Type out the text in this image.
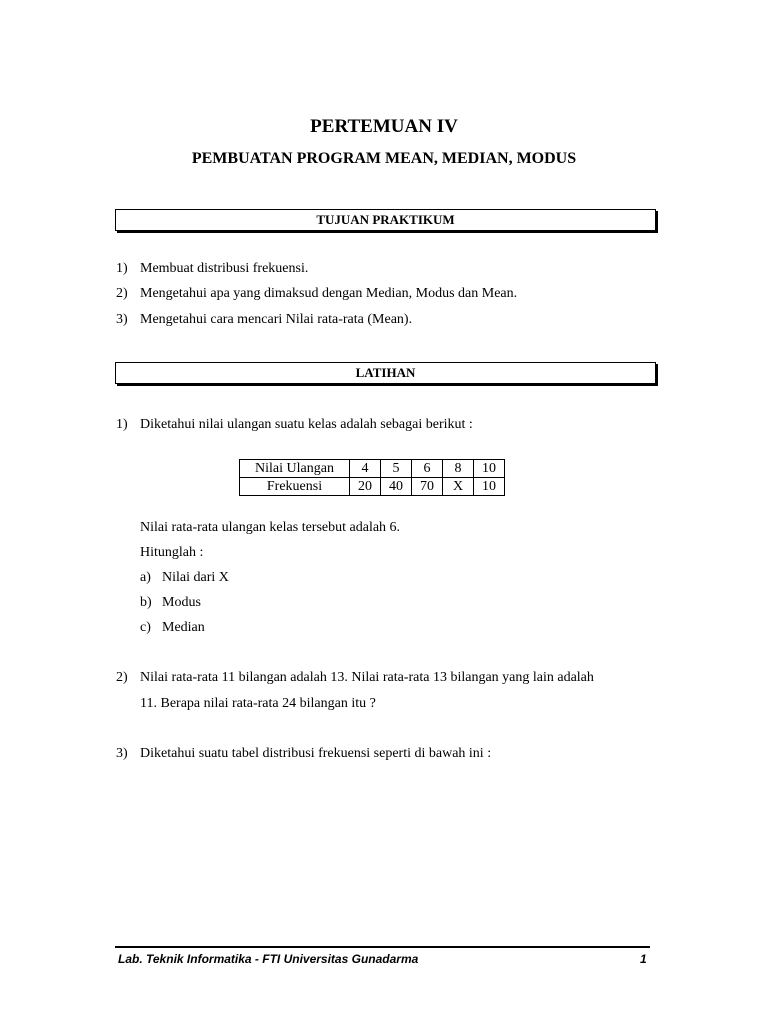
PERTEMUAN IV
PEMBUATAN PROGRAM MEAN, MEDIAN, MODUS
TUJUAN PRAKTIKUM
1) Membuat distribusi frekuensi.
2) Mengetahui apa yang dimaksud dengan Median, Modus dan Mean.
3) Mengetahui cara mencari Nilai rata-rata (Mean).
LATIHAN
1) Diketahui nilai ulangan suatu kelas adalah sebagai berikut :
Nilai Ulangan	4	5	6	8	10
Frekuensi	20	40	70	X	10
Nilai rata-rata ulangan kelas tersebut adalah 6.
Hitunglah :
a) Nilai dari X
b) Modus
c) Median
2) Nilai rata-rata 11 bilangan adalah 13. Nilai rata-rata 13 bilangan yang lain adalah
11. Berapa nilai rata-rata 24 bilangan itu ?
3) Diketahui suatu tabel distribusi frekuensi seperti di bawah ini :
Lab. Teknik Informatika - FTI Universitas Gunadarma	1
